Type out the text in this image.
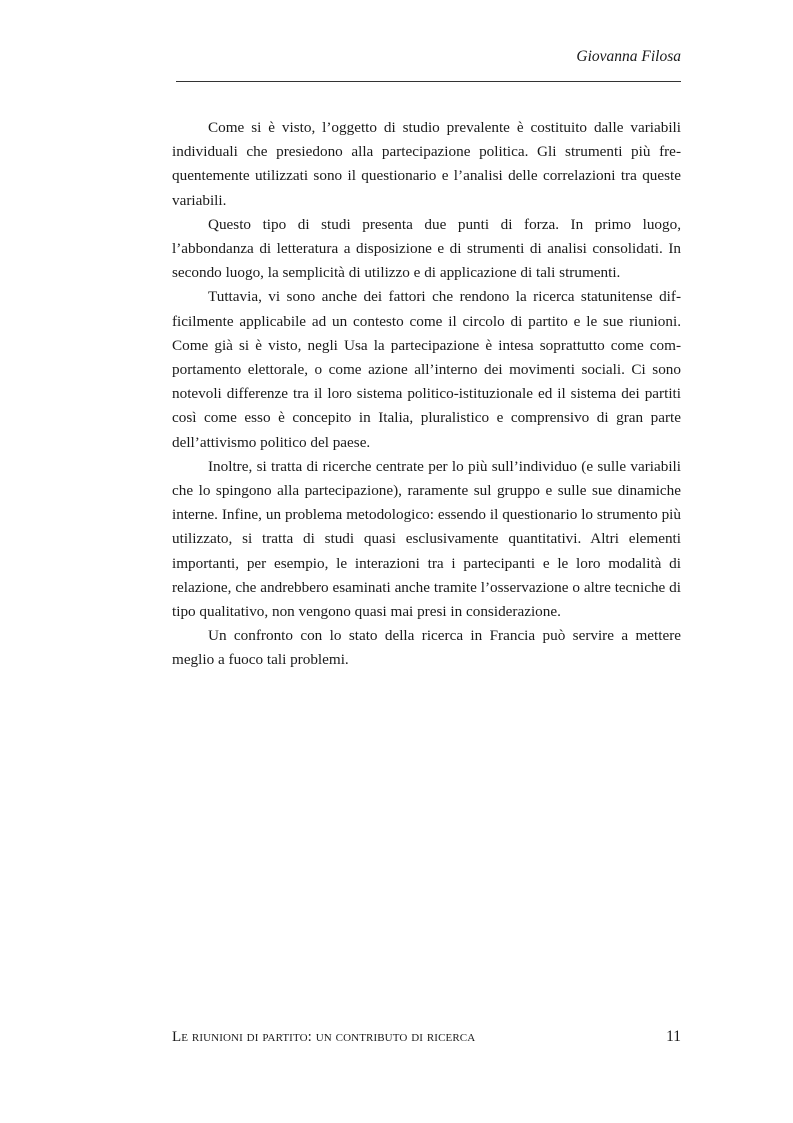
Giovanna Filosa

Come si è visto, l’oggetto di studio prevalente è costituito dalle variabili individuali che presiedono alla partecipazione politica. Gli strumenti più frequentemente utilizzati sono il questionario e l’analisi delle correlazioni tra queste variabili.

Questo tipo di studi presenta due punti di forza. In primo luogo, l’abbondanza di letteratura a disposizione e di strumenti di analisi consolidati. In secondo luogo, la semplicità di utilizzo e di applicazione di tali strumenti.

Tuttavia, vi sono anche dei fattori che rendono la ricerca statunitense difficilmente applicabile ad un contesto come il circolo di partito e le sue riunioni. Come già si è visto, negli Usa la partecipazione è intesa soprattutto come comportamento elettorale, o come azione all’interno dei movimenti sociali. Ci sono notevoli differenze tra il loro sistema politico-istituzionale ed il sistema dei partiti così come esso è concepito in Italia, pluralistico e comprensivo di gran parte dell’attivismo politico del paese.

Inoltre, si tratta di ricerche centrate per lo più sull’individuo (e sulle variabili che lo spingono alla partecipazione), raramente sul gruppo e sulle sue dinamiche interne. Infine, un problema metodologico: essendo il questionario lo strumento più utilizzato, si tratta di studi quasi esclusivamente quantitativi. Altri elementi importanti, per esempio, le interazioni tra i partecipanti e le loro modalità di relazione, che andrebbero esaminati anche tramite l’osservazione o altre tecniche di tipo qualitativo, non vengono quasi mai presi in considerazione.

Un confronto con lo stato della ricerca in Francia può servire a mettere meglio a fuoco tali problemi.

Le riunioni di partito: un contributo di ricerca	11
